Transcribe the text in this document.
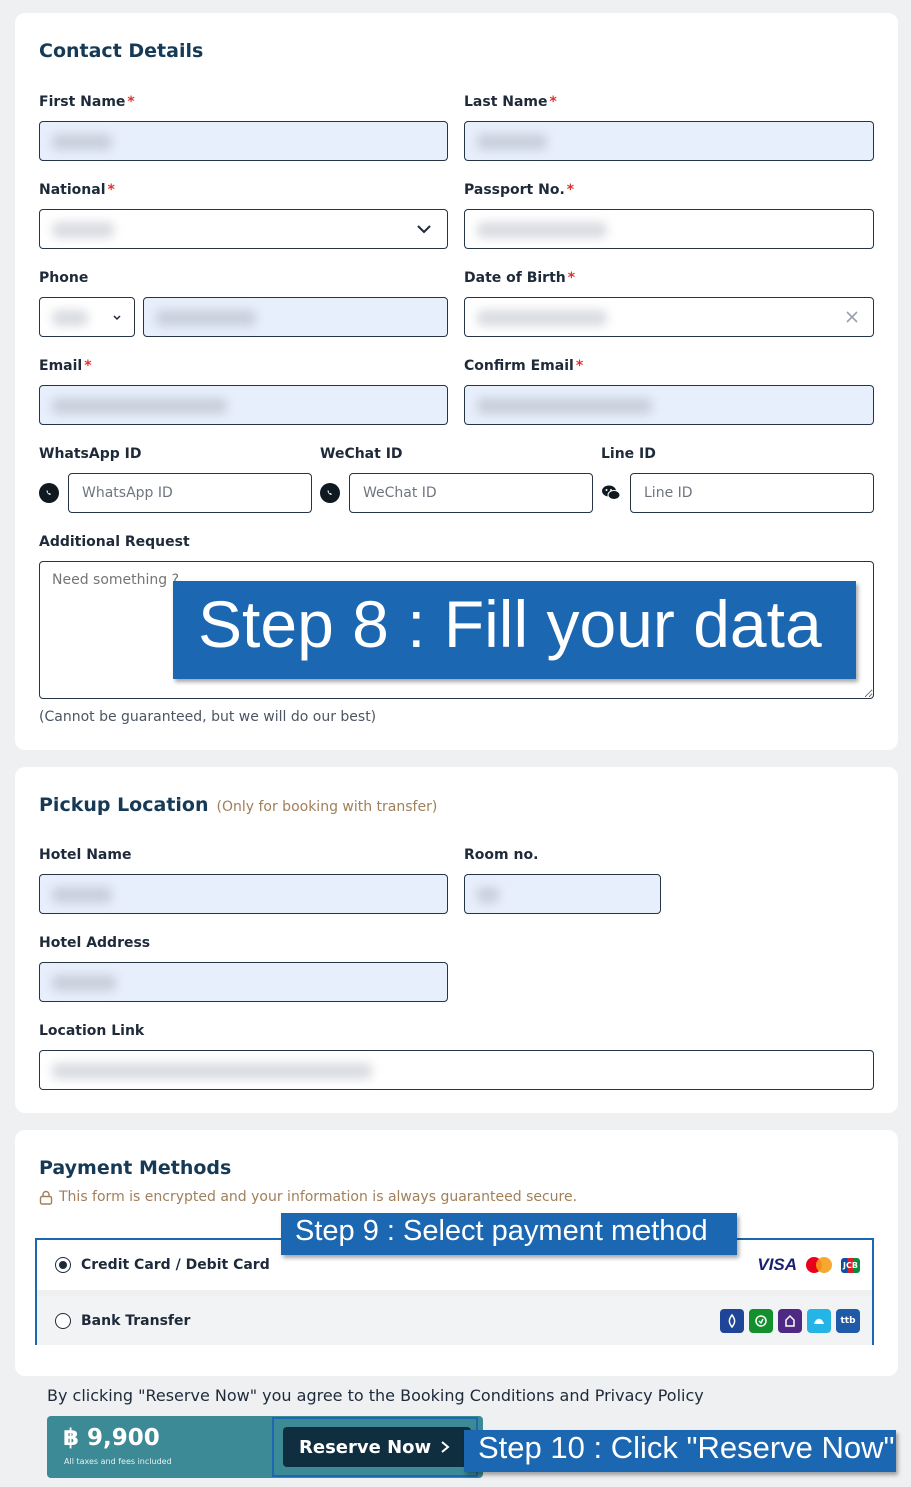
Contact Details
First Name *	Last Name *
National *	Passport No. *
Phone	Date of Birth *
Email *	Confirm Email *
WhatsApp ID
WhatsApp ID
WeChat ID
WeChat ID
Line ID
Line ID
Additional Request
Need something ?
(Cannot be guaranteed, but we will do our best)
Step 8 : Fill your data
Pickup Location (Only for booking with transfer)
Hotel Name	Room no.
Hotel Address
Location Link
Payment Methods
This form is encrypted and your information is always guaranteed secure.
Credit Card / Debit Card	VISA	JCB
Bank Transfer	ttb
Step 9 : Select payment method
By clicking "Reserve Now" you agree to the Booking Conditions and Privacy Policy
฿ 9,900
All taxes and fees included
Reserve Now	Step 10 : Click "Reserve Now"
